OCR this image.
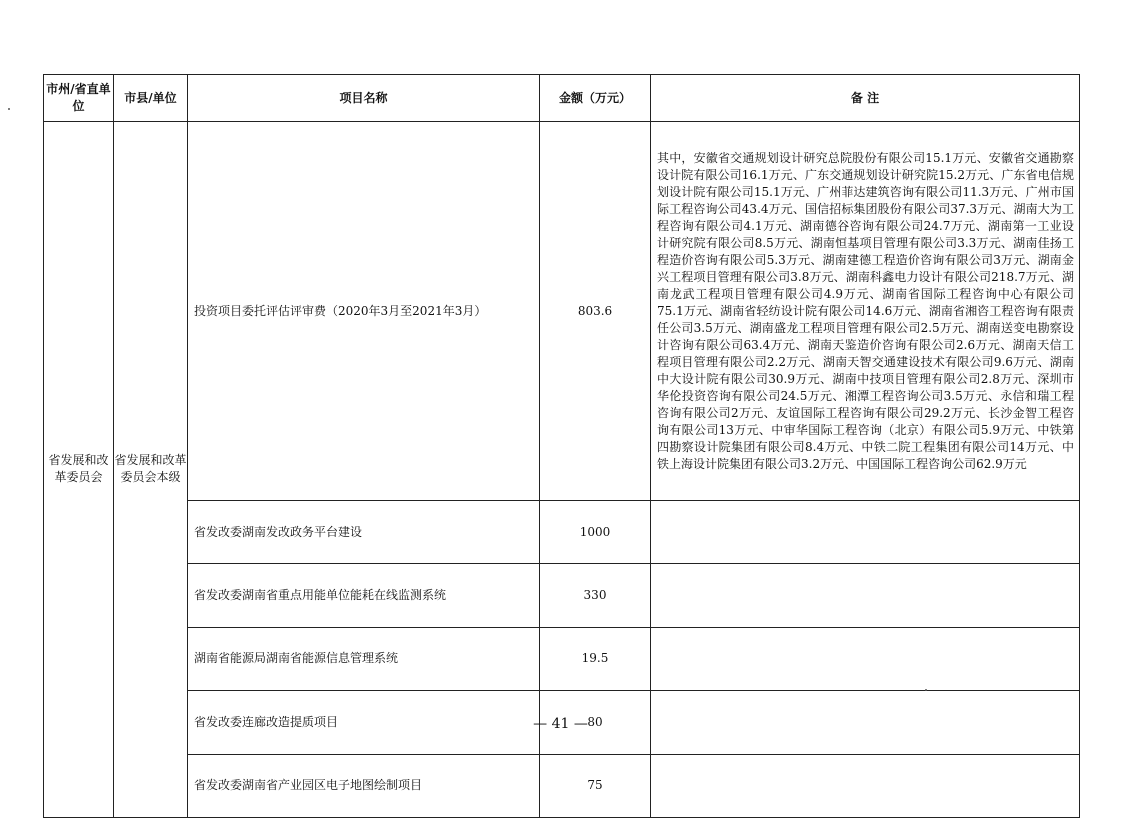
市州/省直单位	市县/单位	项目名称	金额（万元）	备 注
省发展和改革委员会	省发展和改革委员会本级	投资项目委托评估评审费（2020年3月至2021年3月）	803.6	其中，安徽省交通规划设计研究总院股份有限公司15.1万元、安徽省交通勘察设计院有限公司16.1万元、广东交通规划设计研究院15.2万元、广东省电信规划设计院有限公司15.1万元、广州菲达建筑咨询有限公司11.3万元、广州市国际工程咨询公司43.4万元、国信招标集团股份有限公司37.3万元、湖南大为工程咨询有限公司4.1万元、湖南德谷咨询有限公司24.7万元、湖南第一工业设计研究院有限公司8.5万元、湖南恒基项目管理有限公司3.3万元、湖南佳扬工程造价咨询有限公司5.3万元、湖南建德工程造价咨询有限公司3万元、湖南金兴工程项目管理有限公司3.8万元、湖南科鑫电力设计有限公司218.7万元、湖南龙武工程项目管理有限公司4.9万元、湖南省国际工程咨询中心有限公司75.1万元、湖南省轻纺设计院有限公司14.6万元、湖南省湘咨工程咨询有限责任公司3.5万元、湖南盛龙工程项目管理有限公司2.5万元、湖南送变电勘察设计咨询有限公司63.4万元、湖南天鉴造价咨询有限公司2.6万元、湖南天信工程项目管理有限公司2.2万元、湖南天智交通建设技术有限公司9.6万元、湖南中大设计院有限公司30.9万元、湖南中技项目管理有限公司2.8万元、深圳市华伦投资咨询有限公司24.5万元、湘潭工程咨询公司3.5万元、永信和瑞工程咨询有限公司2万元、友谊国际工程咨询有限公司29.2万元、长沙金智工程咨询有限公司13万元、中审华国际工程咨询（北京）有限公司5.9万元、中铁第四勘察设计院集团有限公司8.4万元、中铁二院工程集团有限公司14万元、中铁上海设计院集团有限公司3.2万元、中国国际工程咨询公司62.9万元
		省发改委湖南发改政务平台建设	1000	
		省发改委湖南省重点用能单位能耗在线监测系统	330	
		湖南省能源局湖南省能源信息管理系统	19.5	
		省发改委连廊改造提质项目	80	
		省发改委湖南省产业园区电子地图绘制项目	75	
— 41 —
